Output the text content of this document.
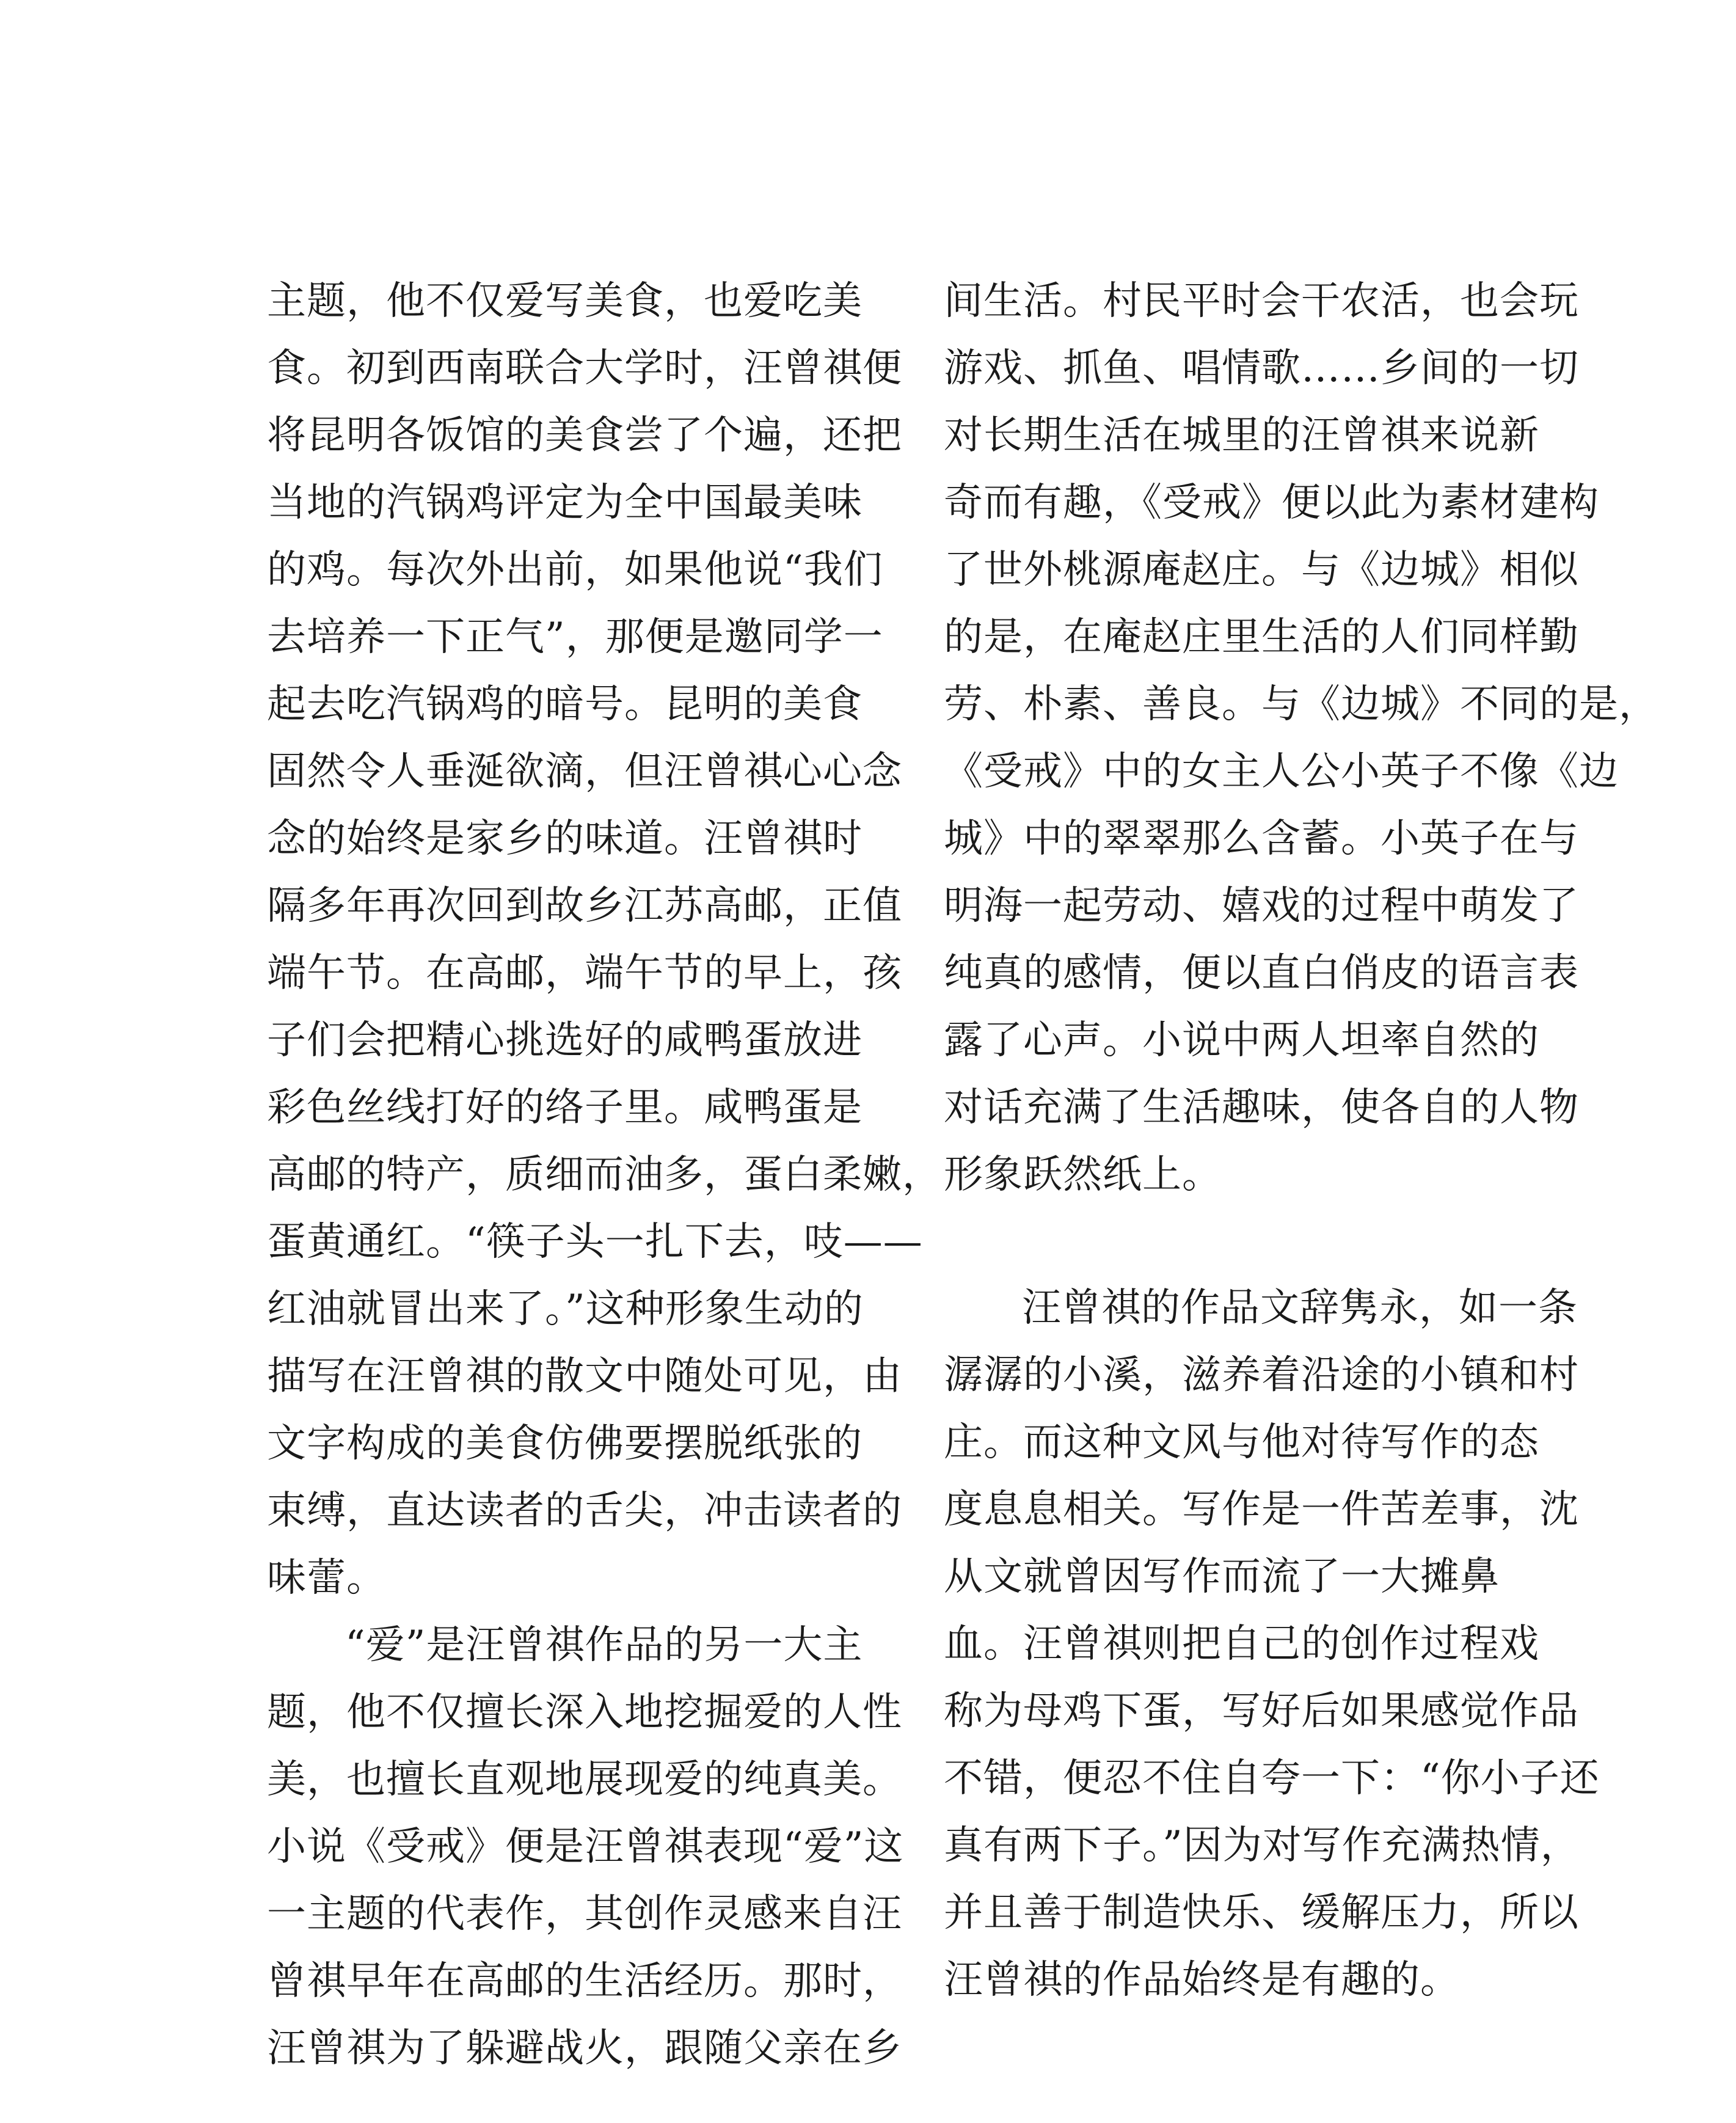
主题，他不仅爱写美食，也爱吃美
食。初到西南联合大学时，汪曾祺便
将昆明各饭馆的美食尝了个遍，还把
当地的汽锅鸡评定为全中国最美味
的鸡。每次外出前，如果他说“我们
去培养一下正气”，那便是邀同学一
起去吃汽锅鸡的暗号。昆明的美食
固然令人垂涎欲滴，但汪曾祺心心念
念的始终是家乡的味道。汪曾祺时
隔多年再次回到故乡江苏高邮，正值
端午节。在高邮，端午节的早上，孩
子们会把精心挑选好的咸鸭蛋放进
彩色丝线打好的络子里。咸鸭蛋是
高邮的特产，质细而油多，蛋白柔嫩，
蛋黄通红。“筷子头一扎下去，吱——
红油就冒出来了。”这种形象生动的
描写在汪曾祺的散文中随处可见，由
文字构成的美食仿佛要摆脱纸张的
束缚，直达读者的舌尖，冲击读者的
味蕾。
“爱”是汪曾祺作品的另一大主
题，他不仅擅长深入地挖掘爱的人性
美，也擅长直观地展现爱的纯真美。
小说《受戒》便是汪曾祺表现“爱”这
一主题的代表作，其创作灵感来自汪
曾祺早年在高邮的生活经历。那时，
汪曾祺为了躲避战火，跟随父亲在乡
间生活。村民平时会干农活，也会玩
游戏、抓鱼、唱情歌……乡间的一切
对长期生活在城里的汪曾祺来说新
奇而有趣，《受戒》便以此为素材建构
了世外桃源庵赵庄。与《边城》相似
的是，在庵赵庄里生活的人们同样勤
劳、朴素、善良。与《边城》不同的是，
《受戒》中的女主人公小英子不像《边
城》中的翠翠那么含蓄。小英子在与
明海一起劳动、嬉戏的过程中萌发了
纯真的感情，便以直白俏皮的语言表
露了心声。小说中两人坦率自然的
对话充满了生活趣味，使各自的人物
形象跃然纸上。
汪曾祺的作品文辞隽永，如一条
潺潺的小溪，滋养着沿途的小镇和村
庄。而这种文风与他对待写作的态
度息息相关。写作是一件苦差事，沈
从文就曾因写作而流了一大摊鼻
血。汪曾祺则把自己的创作过程戏
称为母鸡下蛋，写好后如果感觉作品
不错，便忍不住自夸一下：“你小子还
真有两下子。”因为对写作充满热情，
并且善于制造快乐、缓解压力，所以
汪曾祺的作品始终是有趣的。
